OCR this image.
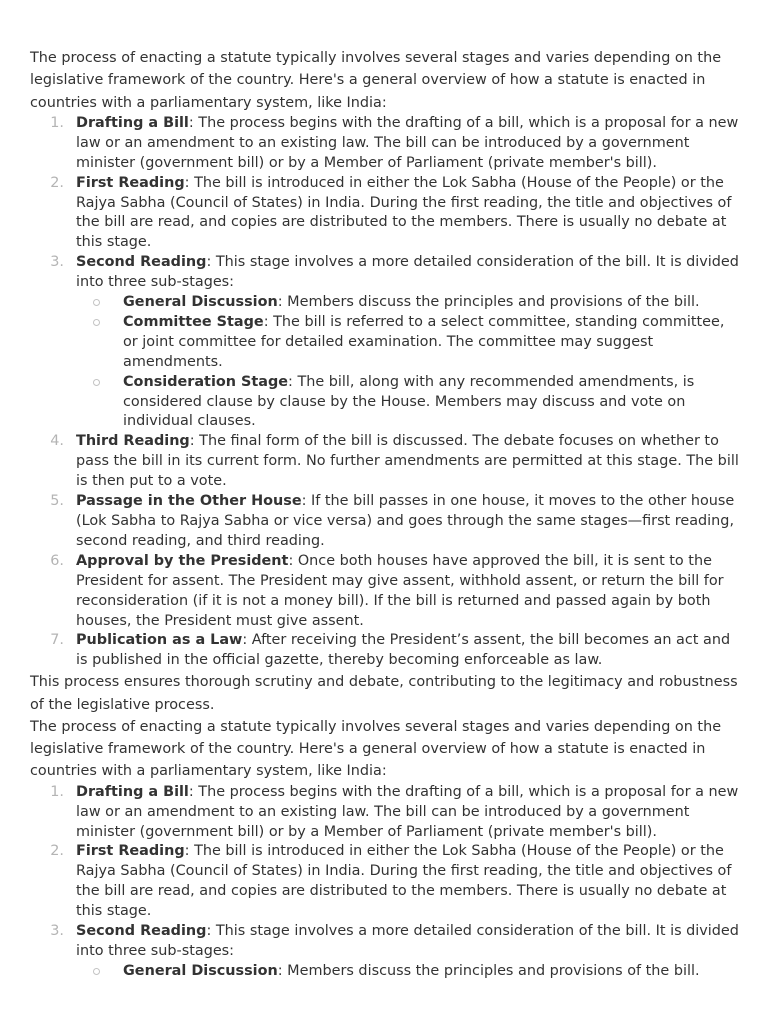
The process of enacting a statute typically involves several stages and varies depending on the legislative framework of the country. Here's a general overview of how a statute is enacted in countries with a parliamentary system, like India:

1. Drafting a Bill: The process begins with the drafting of a bill, which is a proposal for a new law or an amendment to an existing law. The bill can be introduced by a government minister (government bill) or by a Member of Parliament (private member's bill).
2. First Reading: The bill is introduced in either the Lok Sabha (House of the People) or the Rajya Sabha (Council of States) in India. During the first reading, the title and objectives of the bill are read, and copies are distributed to the members. There is usually no debate at this stage.
3. Second Reading: This stage involves a more detailed consideration of the bill. It is divided into three sub-stages:
General Discussion: Members discuss the principles and provisions of the bill.
Committee Stage: The bill is referred to a select committee, standing committee, or joint committee for detailed examination. The committee may suggest amendments.
Consideration Stage: The bill, along with any recommended amendments, is considered clause by clause by the House. Members may discuss and vote on individual clauses.
4. Third Reading: The final form of the bill is discussed. The debate focuses on whether to pass the bill in its current form. No further amendments are permitted at this stage. The bill is then put to a vote.
5. Passage in the Other House: If the bill passes in one house, it moves to the other house (Lok Sabha to Rajya Sabha or vice versa) and goes through the same stages—first reading, second reading, and third reading.
6. Approval by the President: Once both houses have approved the bill, it is sent to the President for assent. The President may give assent, withhold assent, or return the bill for reconsideration (if it is not a money bill). If the bill is returned and passed again by both houses, the President must give assent.
7. Publication as a Law: After receiving the President’s assent, the bill becomes an act and is published in the official gazette, thereby becoming enforceable as law.

This process ensures thorough scrutiny and debate, contributing to the legitimacy and robustness of the legislative process.

The process of enacting a statute typically involves several stages and varies depending on the legislative framework of the country. Here's a general overview of how a statute is enacted in countries with a parliamentary system, like India:

1. Drafting a Bill: The process begins with the drafting of a bill, which is a proposal for a new law or an amendment to an existing law. The bill can be introduced by a government minister (government bill) or by a Member of Parliament (private member's bill).
2. First Reading: The bill is introduced in either the Lok Sabha (House of the People) or the Rajya Sabha (Council of States) in India. During the first reading, the title and objectives of the bill are read, and copies are distributed to the members. There is usually no debate at this stage.
3. Second Reading: This stage involves a more detailed consideration of the bill. It is divided into three sub-stages:
General Discussion: Members discuss the principles and provisions of the bill.
